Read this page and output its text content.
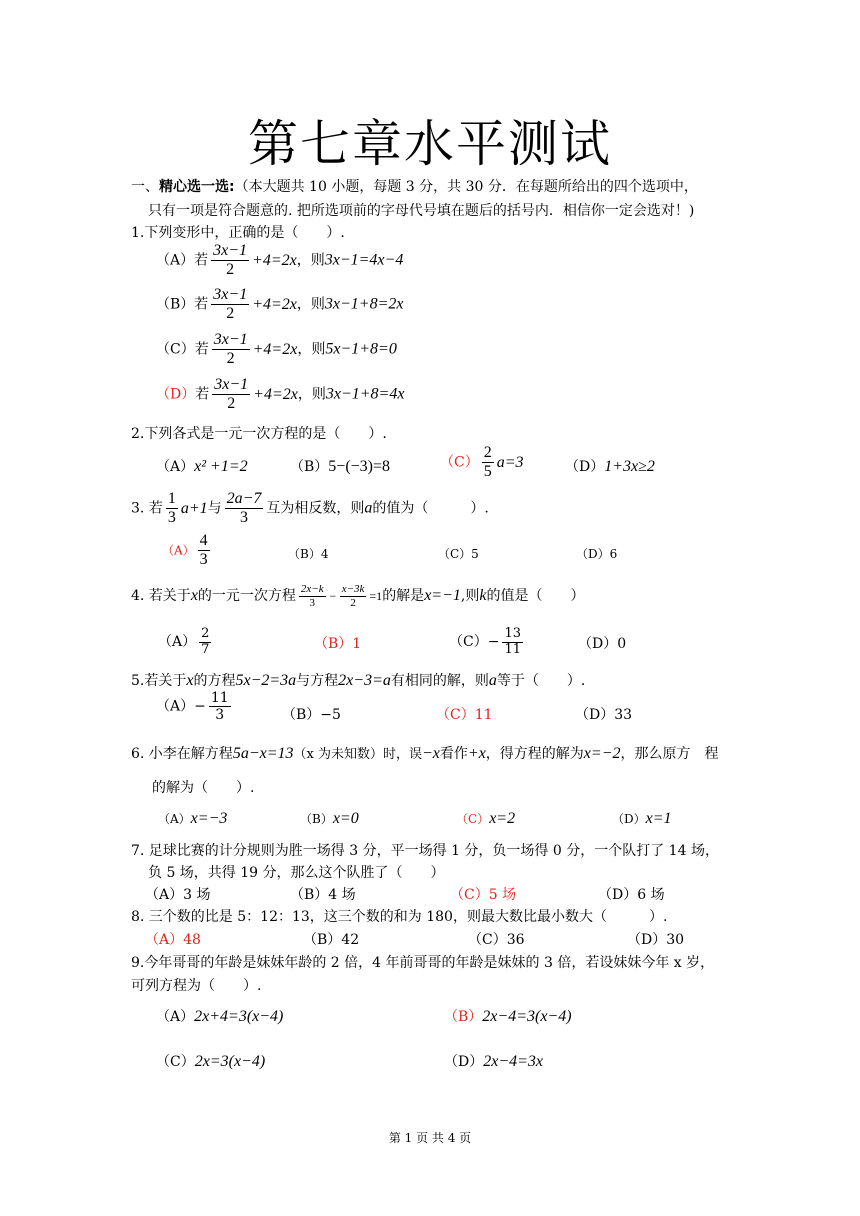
第七章水平测试
一、精心选一选:（本大题共 10 小题，每题 3 分，共 30 分．在每题所给出的四个选项中，
只有一项是符合题意的. 把所选项前的字母代号填在题后的括号内．相信你一定会选对！)
1.下列变形中，正确的是（　　）.
（A）若 $\frac{3x-1}{2} +4=2x$，则3x−1=4x−4
（B）若 $\frac{3x-1}{2} +4=2x$，则3x−1+8=2x
（C）若 $\frac{3x-1}{2} +4=2x$，则5x−1+8=0
（D）若 $\frac{3x-1}{2} +4=2x$，则3x−1+8=4x
2.下列各式是一元一次方程的是（　　）.
（A）x² +1=2	（B）5−(−3)=8	$(C) \frac{2}{5} a=3$	（D）1+3x≥2
3. 若 $\frac{1}{3} a+1$与 $\frac{2a-7}{3}$ 互为相反数，则a的值为（　　　）.
$(A) \frac{4}{3}$	（B）4	（C）5	（D）6
4. 若关于x的一元一次方程 $\frac{2x-k}{3} - \frac{x-3k}{2} =1$的解是x=−1,则k的值是（　　）
$(A) \frac{2}{7}$	（B）1	$(C)- \frac{13}{11}$	（D）0
5.若关于x的方程5x−2=3a与方程2x−3=a有相同的解，则a等于（　　）.
$(A)- \frac{11}{3}$	（B）−5	（C）11	（D）33
6. 小李在解方程5a−x=13（x 为未知数）时，误−x看作+x，得方程的解为x=−2，那么原方　程
的解为（　　）.
（A）x=−3	（B）x=0	（C）x=2	（D）x=1
7. 足球比赛的计分规则为胜一场得 3 分，平一场得 1 分，负一场得 0 分，一个队打了 14 场，
负 5 场，共得 19 分，那么这个队胜了（　　）
（A）3 场	（B）4 场	（C）5 场	（D）6 场
8. 三个数的比是 5：12：13，这三个数的和为 180，则最大数比最小数大（　　　）.
（A）48	（B）42	（C）36	（D）30
9.今年哥哥的年龄是妹妹年龄的 2 倍，4 年前哥哥的年龄是妹妹的 3 倍，若设妹妹今年 x 岁，
可列方程为（　　）.
（A）2x+4=3(x−4)	（B）2x−4=3(x−4)
（C）2x=3(x−4)	（D）2x−4=3x
第 1 页 共 4 页
